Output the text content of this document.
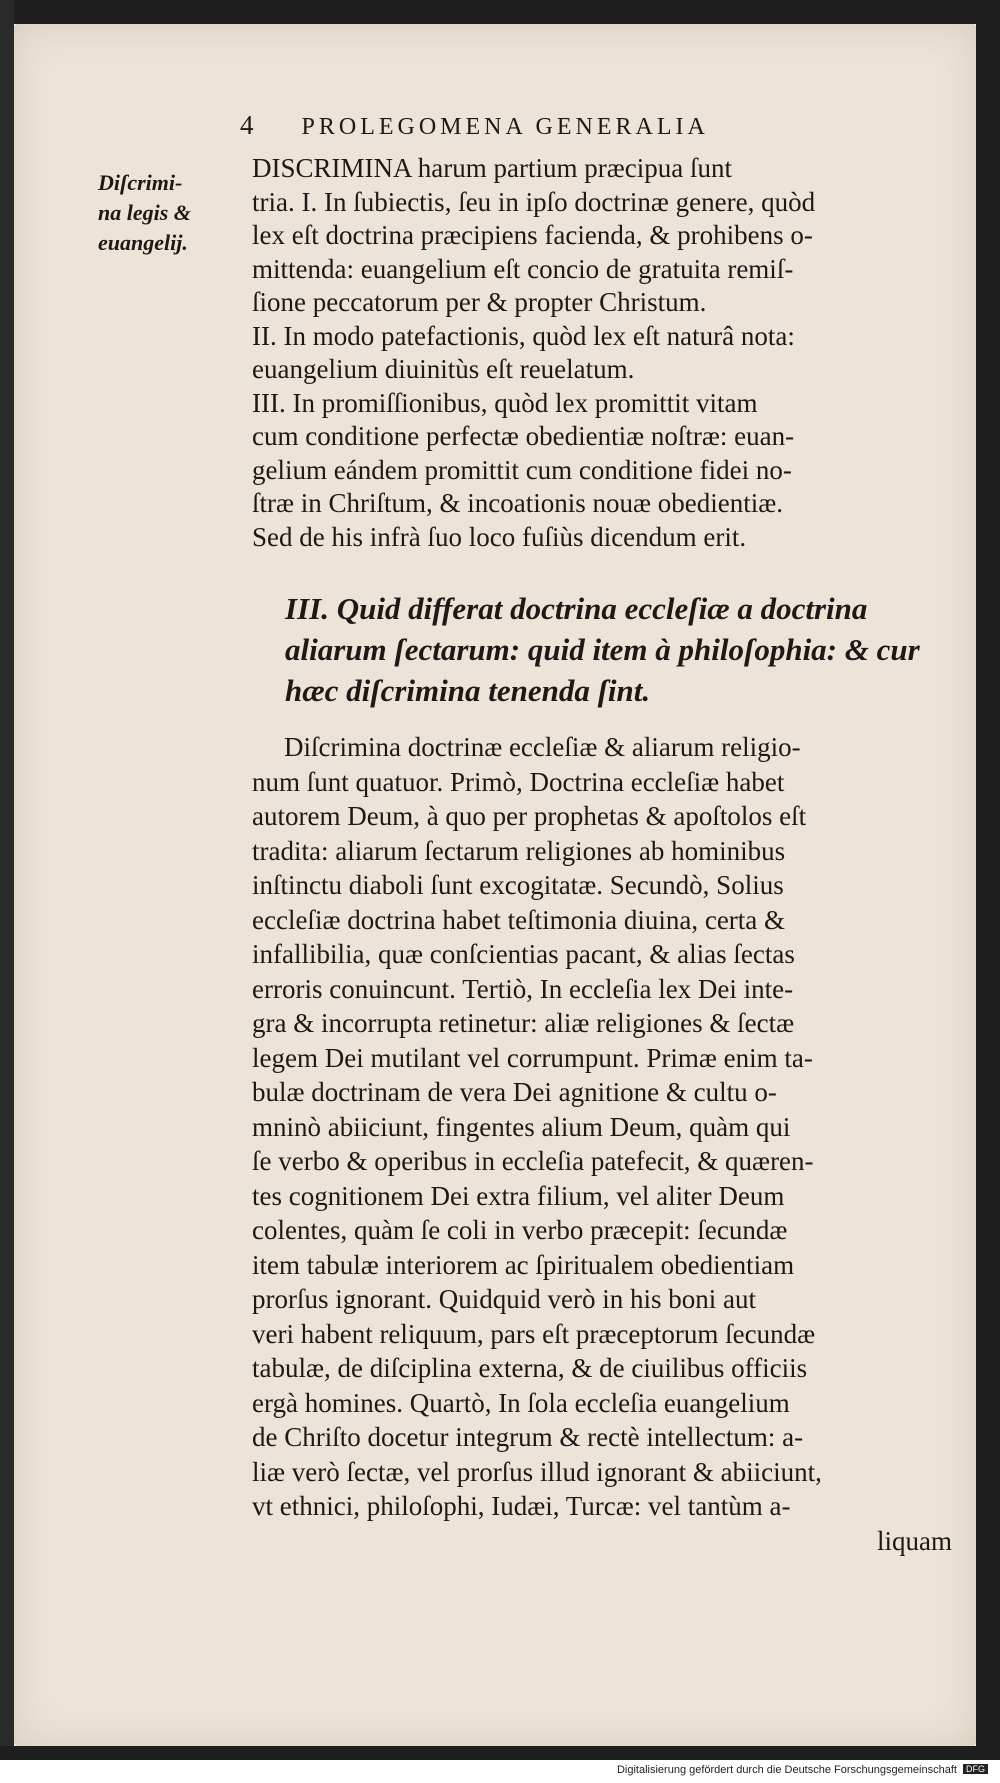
4 PROLEGOMENA GENERALIA
Diſcrimi-
na legis &
euangelij.

DISCRIMINA harum partium præcipua ſunt

tria. I. In ſubiectis, ſeu in ipſo doctrinæ genere, quòd

lex eſt doctrina præcipiens facienda, & prohibens o-

mittenda: euangelium eſt concio de gratuita remiſ-

ſione peccatorum per & propter Christum.

II. In modo patefactionis, quòd lex eſt naturâ nota:

euangelium diuinitùs eſt reuelatum.

III. In promiſſionibus, quòd lex promittit vitam

cum conditione perfectæ obedientiæ noſtræ: euan-

gelium eándem promittit cum conditione fidei no-

ſtræ in Chriſtum, & incoationis nouæ obedientiæ.

Sed de his infrà ſuo loco fuſiùs dicendum erit.

III. Quid differat doctrina eccleſiæ a doctrina
aliarum ſectarum: quid item à philoſophia: & cur
hæc diſcrimina tenenda ſint.

Diſcrimina doctrinæ eccleſiæ & aliarum religio-

num ſunt quatuor. Primò, Doctrina eccleſiæ habet

autorem Deum, à quo per prophetas & apoſtolos eſt

tradita: aliarum ſectarum religiones ab hominibus

inſtinctu diaboli ſunt excogitatæ. Secundò, Solius

eccleſiæ doctrina habet teſtimonia diuina, certa &

infallibilia, quæ conſcientias pacant, & alias ſectas

erroris conuincunt. Tertiò, In eccleſia lex Dei inte-

gra & incorrupta retinetur: aliæ religiones & ſectæ

legem Dei mutilant vel corrumpunt. Primæ enim ta-

bulæ doctrinam de vera Dei agnitione & cultu o-

mninò abiiciunt, fingentes alium Deum, quàm qui

ſe verbo & operibus in eccleſia patefecit, & quæren-

tes cognitionem Dei extra filium, vel aliter Deum

colentes, quàm ſe coli in verbo præcepit: ſecundæ

item tabulæ interiorem ac ſpiritualem obedientiam

prorſus ignorant. Quidquid verò in his boni aut

veri habent reliquum, pars eſt præceptorum ſecundæ

tabulæ, de diſciplina externa, & de ciuilibus officiis

ergà homines. Quartò, In ſola eccleſia euangelium

de Chriſto docetur integrum & rectè intellectum: a-

liæ verò ſectæ, vel prorſus illud ignorant & abiiciunt,

vt ethnici, philoſophi, Iudæi, Turcæ: vel tantùm a-

liquam

Digitalisierung gefördert durch die Deutsche Forschungsgemeinschaft DFG
